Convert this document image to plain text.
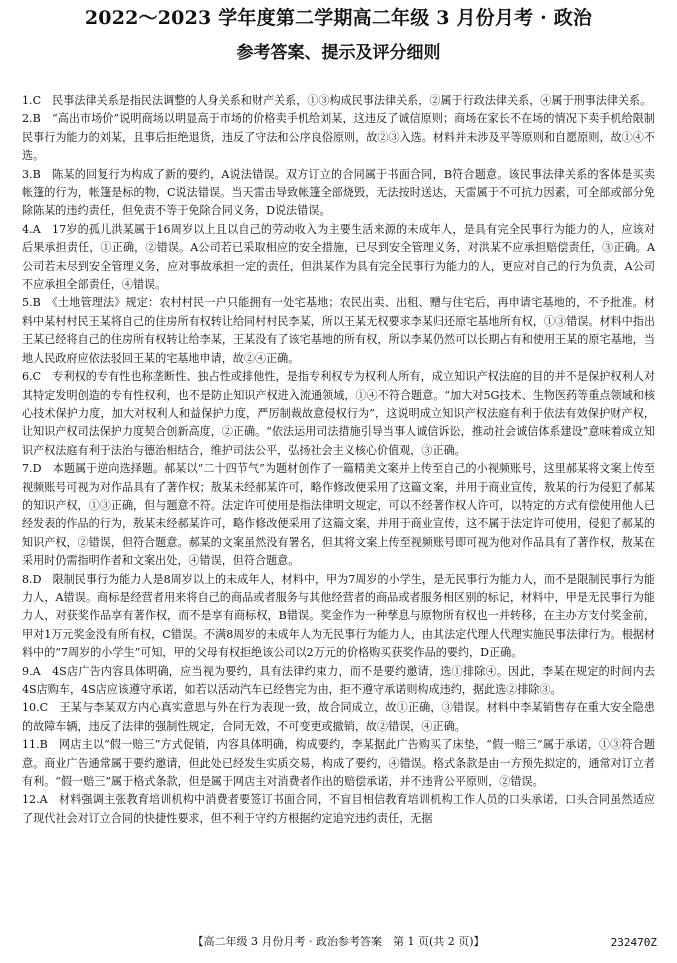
2022～2023 学年度第二学期高二年级 3 月份月考 · 政治
参考答案、提示及评分细则

1.C　民事法律关系是指民法调整的人身关系和财产关系，①③构成民事法律关系，②属于行政法律关系，④属于刑事法律关系。

2.B　“高出市场价”说明商场以明显高于市场的价格卖手机给刘某，这违反了诚信原则；商场在家长不在场的情况下卖手机给限制民事行为能力的刘某，且事后拒绝退货，违反了守法和公序良俗原则，故②③入选。材料并未涉及平等原则和自愿原则，故①④不选。

3.B　陈某的回复行为构成了新的要约，A说法错误。双方订立的合同属于书面合同，B符合题意。该民事法律关系的客体是买卖帐篷的行为，帐篷是标的物，C说法错误。当天雷击导致帐篷全部烧毁，无法按时送达，天雷属于不可抗力因素，可全部或部分免除陈某的违约责任，但免责不等于免除合同义务，D说法错误。

4.A　17岁的孤儿洪某属于16周岁以上且以自己的劳动收入为主要生活来源的未成年人，是具有完全民事行为能力的人，应该对后果承担责任，①正确，②错误。A公司若已采取相应的安全措施，已尽到安全管理义务，对洪某不应承担赔偿责任，③正确。A公司若未尽到安全管理义务，应对事故承担一定的责任，但洪某作为具有完全民事行为能力的人，更应对自己的行为负责，A公司不应承担全部责任，④错误。

5.B　《土地管理法》规定：农村村民一户只能拥有一处宅基地；农民出卖、出租、赠与住宅后，再申请宅基地的，不予批准。材料中某村村民王某将自己的住房所有权转让给同村村民李某，所以王某无权要求李某归还原宅基地所有权，①③错误。材料中指出王某已经将自己的住房所有权转让给李某，王某没有了该宅基地的所有权，所以李某仍然可以长期占有和使用王某的原宅基地，当地人民政府应依法驳回王某的宅基地申请，故②④正确。

6.C　专利权的专有性也称垄断性、独占性或排他性，是指专利权专为权利人所有，成立知识产权法庭的目的并不是保护权利人对其特定发明创造的专有性权利，也不是防止知识产权进入流通领域，①④不符合题意。“加大对5G技术、生物医药等重点领域和核心技术保护力度，加大对权利人和益保护力度，严厉制裁故意侵权行为”，这说明成立知识产权法庭有利于依法有效保护财产权，让知识产权司法保护力度契合创新高度，②正确。“依法运用司法措施引导当事人诚信诉讼，推动社会诚信体系建设”意味着成立知识产权法庭有利于法治与德治相结合，维护司法公平，弘扬社会主义核心价值观，③正确。

7.D　本题属于逆向选择题。郝某以“二十四节气”为题材创作了一篇精美文案并上传至自己的小视频账号，这里郝某将文案上传至视频账号可视为对作品具有了著作权；敖某未经郝某许可，略作修改便采用了这篇文案，并用于商业宣传，敖某的行为侵犯了郝某的知识产权，①③正确，但与题意不符。法定许可使用是指法律明文规定，可以不经著作权人许可，以特定的方式有偿使用他人已经发表的作品的行为，敖某未经郝某许可，略作修改便采用了这篇文案，并用于商业宣传，这不属于法定许可使用，侵犯了郝某的知识产权，②错误，但符合题意。郝某的文案虽然没有署名，但其将文案上传至视频账号即可视为他对作品具有了著作权，敖某在采用时仍需指明作者和文案出处，④错误，但符合题意。

8.D　限制民事行为能力人是8周岁以上的未成年人，材料中，甲为7周岁的小学生，是无民事行为能力人，而不是限制民事行为能力人，A错误。商标是经营者用来将自己的商品或者服务与其他经营者的商品或者服务相区别的标记，材料中，甲是无民事行为能力人，对获奖作品享有著作权，而不是享有商标权，B错误。奖金作为一种孳息与原物所有权也一并转移，在主办方支付奖金前，甲对1万元奖金没有所有权，C错误。不满8周岁的未成年人为无民事行为能力人，由其法定代理人代理实施民事法律行为。根据材料中的“7周岁的小学生”可知，甲的父母有权拒绝该公司以2万元的价格购买获奖作品的要约，D正确。

9.A　4S店广告内容具体明确，应当视为要约，具有法律约束力，而不是要约邀请，选①排除④。因此，李某在规定的时间内去4S店购车，4S店应该遵守承诺，如若以活动汽车已经售完为由，拒不遵守承诺则构成违约，据此选②排除③。

10.C　王某与李某双方内心真实意思与外在行为表现一致，故合同成立，故①正确，③错误。材料中李某销售存在重大安全隐患的故障车辆，违反了法律的强制性规定，合同无效，不可变更或撤销，故②错误，④正确。

11.B　网店主以“假一赔三”方式促销，内容具体明确，构成要约，李某据此广告购买了床垫，“假一赔三”属于承诺，①③符合题意。商业广告通常属于要约邀请，但此处已经发生实质交易，构成了要约，④错误。格式条款是由一方预先拟定的，通常对订立者有利。“假一赔三”属于格式条款，但是属于网店主对消费者作出的赔偿承诺，并不违背公平原则，②错误。

12.A　材料强调主张教育培训机构中消费者要签订书面合同，不盲目相信教育培训机构工作人员的口头承诺，口头合同虽然适应了现代社会对订立合同的快捷性要求，但不利于守约方根据约定追究违约责任，无据

【高二年级 3 月份月考 · 政治参考答案　第 1 页(共 2 页)】	232470Z
